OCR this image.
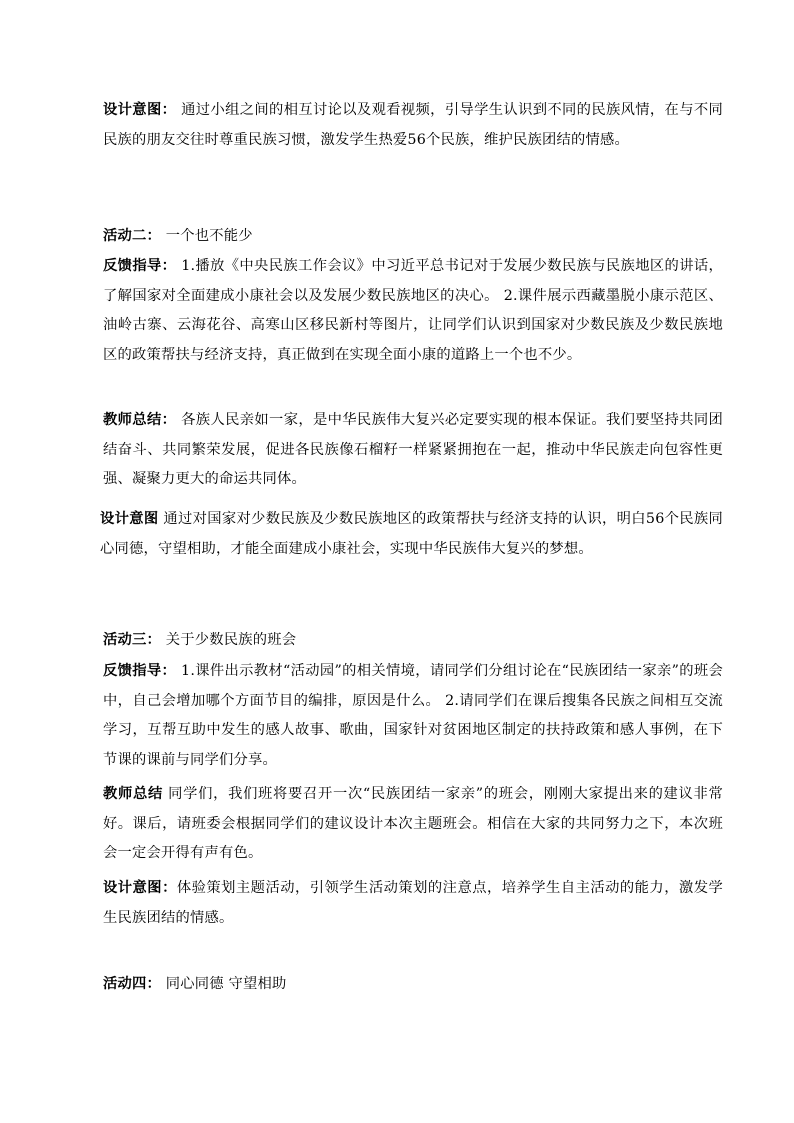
设计意图： 通过小组之间的相互讨论以及观看视频，引导学生认识到不同的民族风情，在与不同民族的朋友交往时尊重民族习惯，激发学生热爱56个民族，维护民族团结的情感。

活动二： 一个也不能少

反馈指导： 1.播放《中央民族工作会议》中习近平总书记对于发展少数民族与民族地区的讲话，了解国家对全面建成小康社会以及发展少数民族地区的决心。 2.课件展示西藏墨脱小康示范区、油岭古寨、云海花谷、高寒山区移民新村等图片，让同学们认识到国家对少数民族及少数民族地区的政策帮扶与经济支持，真正做到在实现全面小康的道路上一个也不少。

教师总结： 各族人民亲如一家，是中华民族伟大复兴必定要实现的根本保证。我们要坚持共同团结奋斗、共同繁荣发展，促进各民族像石榴籽一样紧紧拥抱在一起，推动中华民族走向包容性更强、凝聚力更大的命运共同体。

设计意图 通过对国家对少数民族及少数民族地区的政策帮扶与经济支持的认识，明白56个民族同心同德，守望相助，才能全面建成小康社会，实现中华民族伟大复兴的梦想。

活动三： 关于少数民族的班会

反馈指导： 1.课件出示教材“活动园”的相关情境，请同学们分组讨论在“民族团结一家亲”的班会中，自己会增加哪个方面节目的编排，原因是什么。 2.请同学们在课后搜集各民族之间相互交流学习，互帮互助中发生的感人故事、歌曲，国家针对贫困地区制定的扶持政策和感人事例，在下节课的课前与同学们分享。

教师总结 同学们，我们班将要召开一次“民族团结一家亲”的班会，刚刚大家提出来的建议非常好。课后，请班委会根据同学们的建议设计本次主题班会。相信在大家的共同努力之下，本次班会一定会开得有声有色。

设计意图：体验策划主题活动，引领学生活动策划的注意点，培养学生自主活动的能力，激发学生民族团结的情感。

活动四： 同心同德 守望相助
